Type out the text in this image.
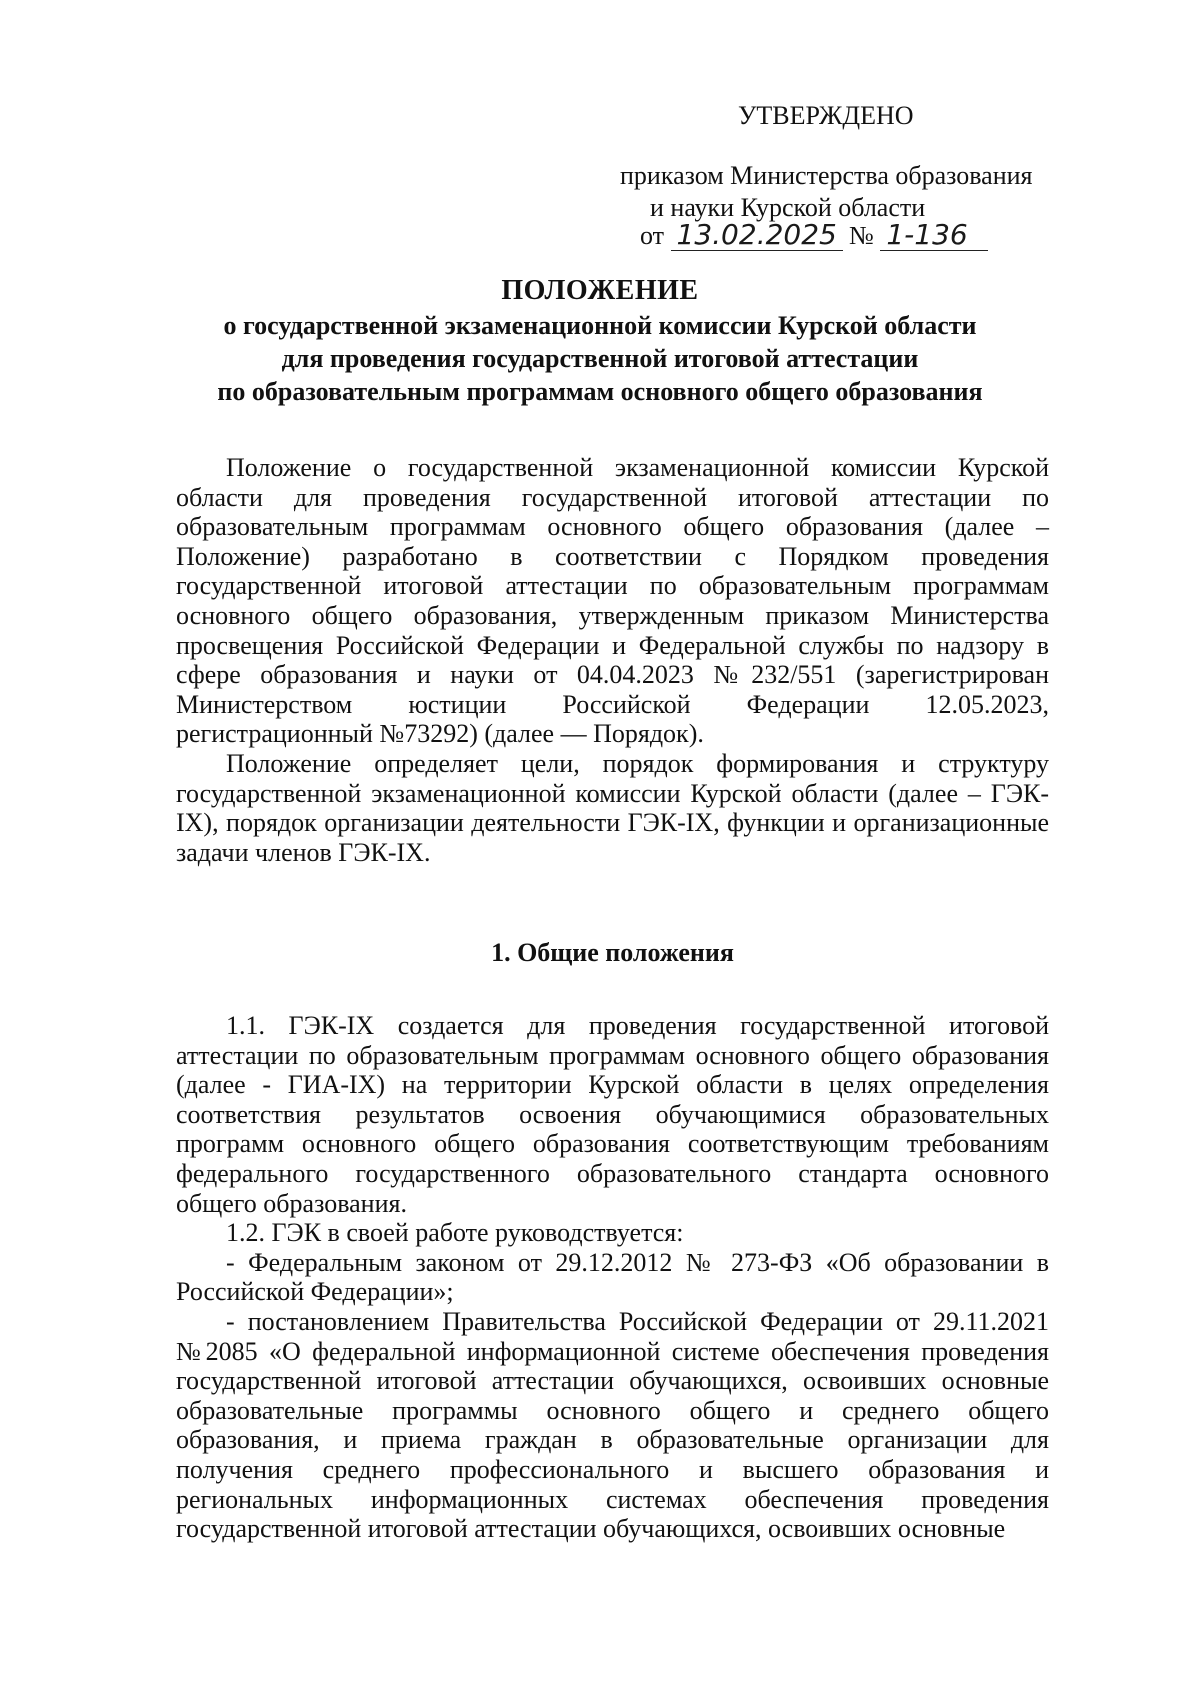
УТВЕРЖДЕНО
приказом Министерства образования
и науки Курской области
от 13.02.2025 № 1-136
ПОЛОЖЕНИЕ
о государственной экзаменационной комиссии Курской области
для проведения государственной итоговой аттестации
по образовательным программам основного общего образования

Положение о государственной экзаменационной комиссии Курской области для проведения государственной итоговой аттестации по образовательным программам основного общего образования (далее – Положение) разработано в соответствии с Порядком проведения государственной итоговой аттестации по образовательным программам основного общего образования, утвержденным приказом Министерства просвещения Российской Федерации и Федеральной службы по надзору в сфере образования и науки от 04.04.2023 №232/551 (зарегистрирован Министерством юстиции Российской Федерации 12.05.2023, регистрационный №73292) (далее — Порядок).

Положение определяет цели, порядок формирования и структуру государственной экзаменационной комиссии Курской области (далее – ГЭК-IX), порядок организации деятельности ГЭК-IX, функции и организационные задачи членов ГЭК-IX.

1. Общие положения

1.1. ГЭК-IX создается для проведения государственной итоговой аттестации по образовательным программам основного общего образования (далее - ГИА-IX) на территории Курской области в целях определения соответствия результатов освоения обучающимися образовательных программ основного общего образования соответствующим требованиям федерального государственного образовательного стандарта основного общего образования.

1.2. ГЭК в своей работе руководствуется:

- Федеральным законом от 29.12.2012 № 273-ФЗ «Об образовании в Российской Федерации»;

- постановлением Правительства Российской Федерации от 29.11.2021 №2085 «О федеральной информационной системе обеспечения проведения государственной итоговой аттестации обучающихся, освоивших основные образовательные программы основного общего и среднего общего образования, и приема граждан в образовательные организации для получения среднего профессионального и высшего образования и региональных информационных системах обеспечения проведения государственной итоговой аттестации обучающихся, освоивших основные
